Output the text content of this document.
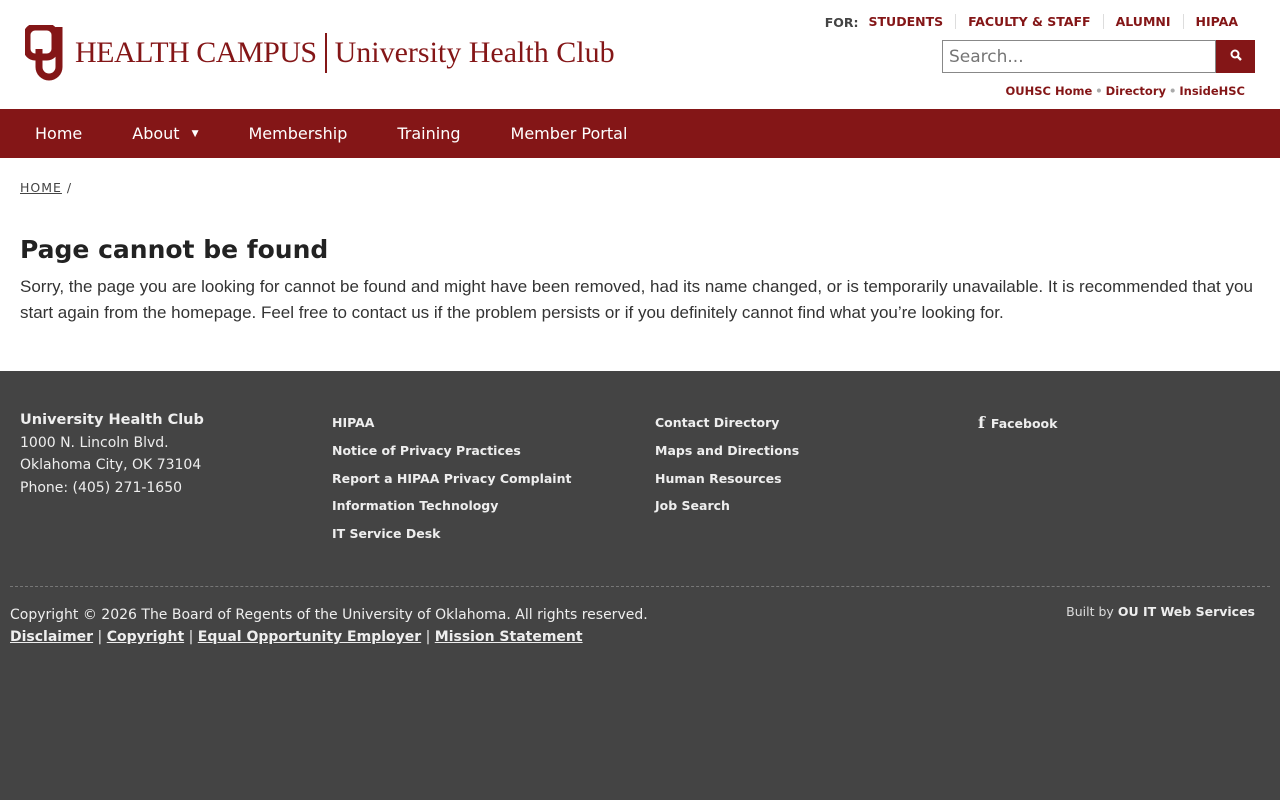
HEALTH CAMPUS University Health Club
FOR: STUDENTS	FACULTY & STAFF	ALUMNI	HIPAA
Search...
OUHSC Home • Directory • InsideHSC
Home	About ▼	Membership	Training	Member Portal
HOME /
Page cannot be found

Sorry, the page you are looking for cannot be found and might have been removed, had its name changed, or is temporarily unavailable. It is recommended that you start again from the homepage. Feel free to contact us if the problem persists or if you definitely cannot find what you’re looking for.

University Health Club
1000 N. Lincoln Blvd.
Oklahoma City, OK 73104
Phone: (405) 271-1650
HIPAA
Notice of Privacy Practices
Report a HIPAA Privacy Complaint
Information Technology
IT Service Desk
Contact Directory
Maps and Directions
Human Resources
Job Search
f Facebook
Copyright © 2026 The Board of Regents of the University of Oklahoma. All rights reserved.
Disclaimer | Copyright | Equal Opportunity Employer | Mission Statement
Built by OU IT Web Services
